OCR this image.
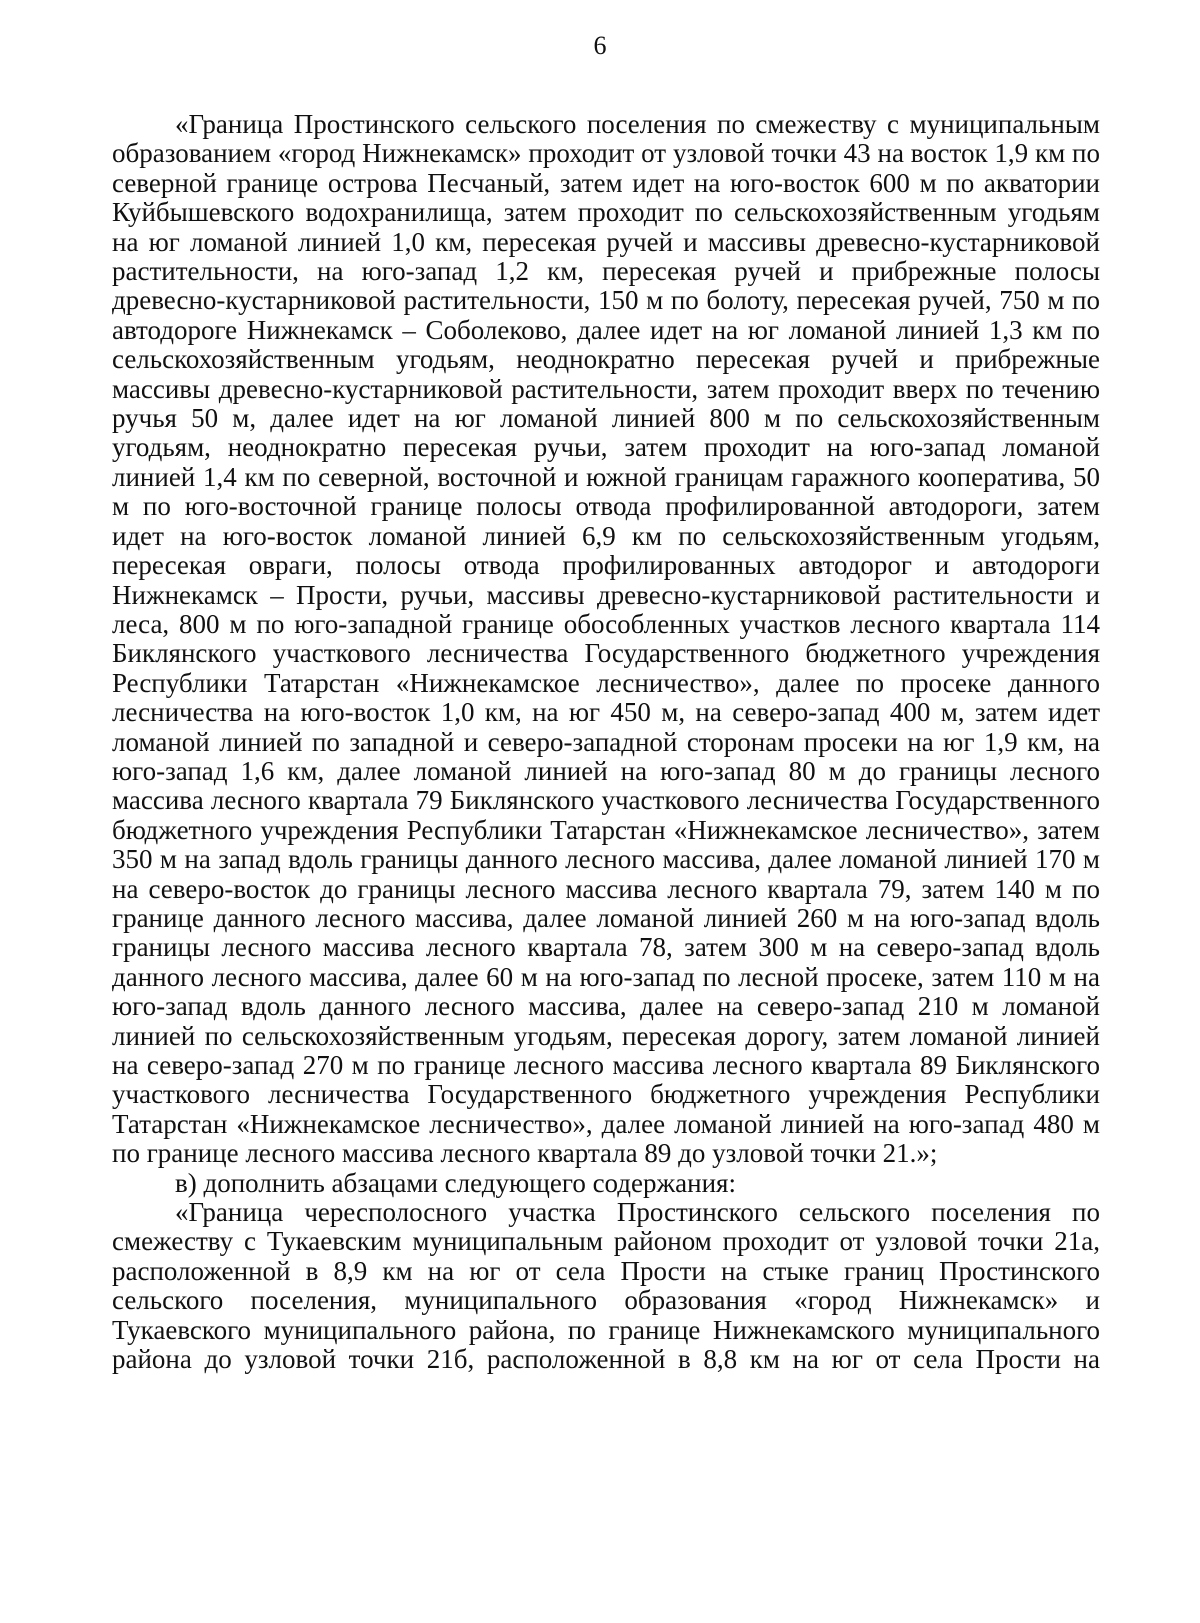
6

«Граница Простинского сельского поселения по смежеству с муниципальным образованием «город Нижнекамск» проходит от узловой точки 43 на восток 1,9 км по северной границе острова Песчаный, затем идет на юго-восток 600 м по акватории Куйбышевского водохранилища, затем проходит по сельскохозяйственным угодьям на юг ломаной линией 1,0 км, пересекая ручей и массивы древесно-кустарниковой растительности, на юго-запад 1,2 км, пересекая ручей и прибрежные полосы древесно-кустарниковой растительности, 150 м по болоту, пересекая ручей, 750 м по автодороге Нижнекамск – Соболеково, далее идет на юг ломаной линией 1,3 км по сельскохозяйственным угодьям, неоднократно пересекая ручей и прибрежные массивы древесно-кустарниковой растительности, затем проходит вверх по течению ручья 50 м, далее идет на юг ломаной линией 800 м по сельскохозяйственным угодьям, неоднократно пересекая ручьи, затем проходит на юго-запад ломаной линией 1,4 км по северной, восточной и южной границам гаражного кооператива, 50 м по юго-восточной границе полосы отвода профилированной автодороги, затем идет на юго-восток ломаной линией 6,9 км по сельскохозяйственным угодьям, пересекая овраги, полосы отвода профилированных автодорог и автодороги Нижнекамск – Прости, ручьи, массивы древесно-кустарниковой растительности и леса, 800 м по юго-западной границе обособленных участков лесного квартала 114 Биклянского участкового лесничества Государственного бюджетного учреждения Республики Татарстан «Нижнекамское лесничество», далее по просеке данного лесничества на юго-восток 1,0 км, на юг 450 м, на северо-запад 400 м, затем идет ломаной линией по западной и северо-западной сторонам просеки на юг 1,9 км, на юго-запад 1,6 км, далее ломаной линией на юго-запад 80 м до границы лесного массива лесного квартала 79 Биклянского участкового лесничества Государственного бюджетного учреждения Республики Татарстан «Нижнекамское лесничество», затем 350 м на запад вдоль границы данного лесного массива, далее ломаной линией 170 м на северо-восток до границы лесного массива лесного квартала 79, затем 140 м по границе данного лесного массива, далее ломаной линией 260 м на юго-запад вдоль границы лесного массива лесного квартала 78, затем 300 м на северо-запад вдоль данного лесного массива, далее 60 м на юго-запад по лесной просеке, затем 110 м на юго-запад вдоль данного лесного массива, далее на северо-запад 210 м ломаной линией по сельскохозяйственным угодьям, пересекая дорогу, затем ломаной линией на северо-запад 270 м по границе лесного массива лесного квартала 89 Биклянского участкового лесничества Государственного бюджетного учреждения Республики Татарстан «Нижнекамское лесничество», далее ломаной линией на юго-запад 480 м по границе лесного массива лесного квартала 89 до узловой точки 21.»;

в) дополнить абзацами следующего содержания:

«Граница чересполосного участка Простинского сельского поселения по смежеству с Тукаевским муниципальным районом проходит от узловой точки 21а, расположенной в 8,9 км на юг от села Прости на стыке границ Простинского сельского поселения, муниципального образования «город Нижнекамск» и Тукаевского муниципального района, по границе Нижнекамского муниципального района до узловой точки 21б, расположенной в 8,8 км на юг от села Прости на
